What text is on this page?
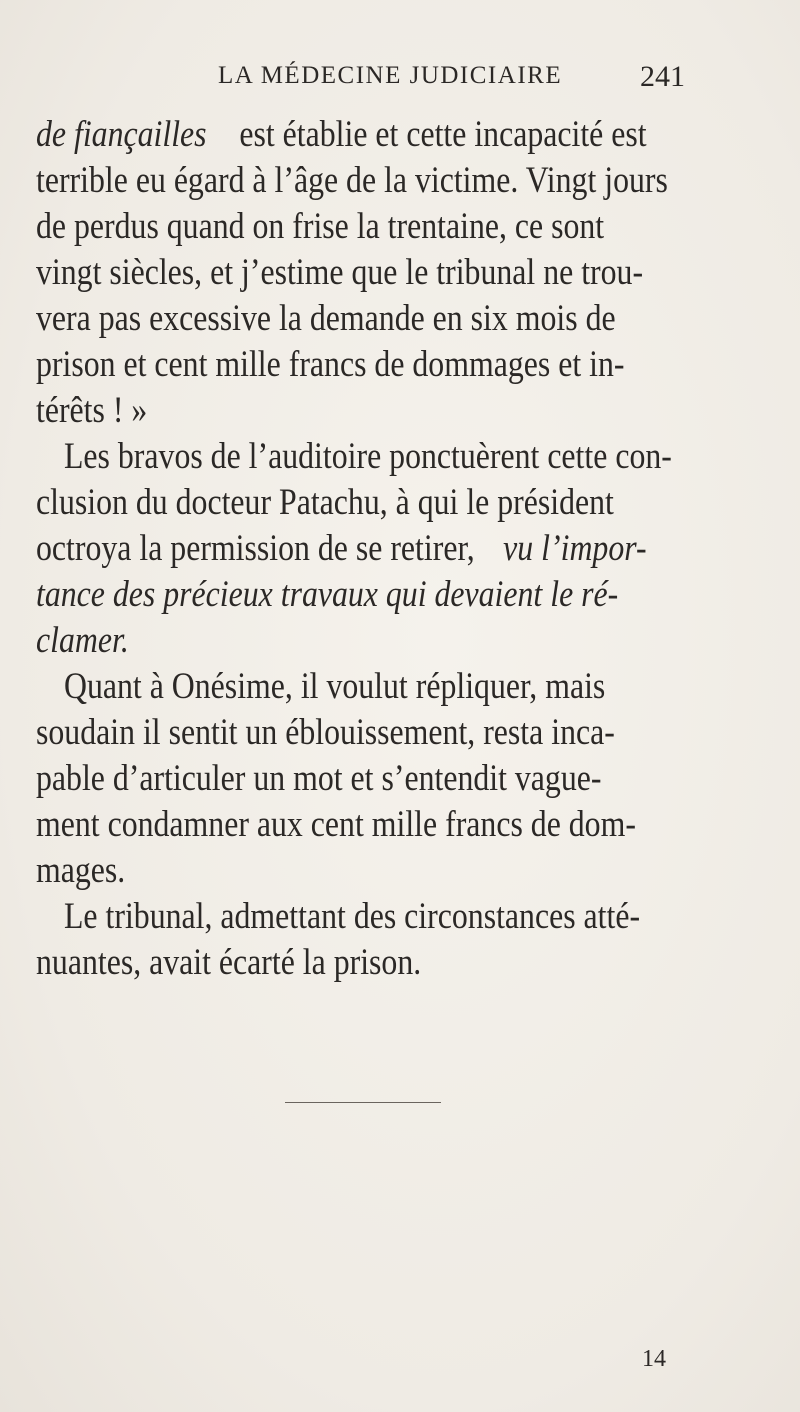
LA MÉDECINE JUDICIAIRE	241
de fiançailles est établie et cette incapacité est
terrible eu égard à l’âge de la victime. Vingt jours
de perdus quand on frise la trentaine, ce sont
vingt siècles, et j’estime que le tribunal ne trou-
vera pas excessive la demande en six mois de
prison et cent mille francs de dommages et in-
térêts ! »
Les bravos de l’auditoire ponctuèrent cette con-
clusion du docteur Patachu, à qui le président
octroya la permission de se retirer, vu l’impor-
tance des précieux travaux qui devaient le ré-
clamer.
Quant à Onésime, il voulut répliquer, mais
soudain il sentit un éblouissement, resta inca-
pable d’articuler un mot et s’entendit vague-
ment condamner aux cent mille francs de dom-
mages.
Le tribunal, admettant des circonstances atté-
nuantes, avait écarté la prison.
14
